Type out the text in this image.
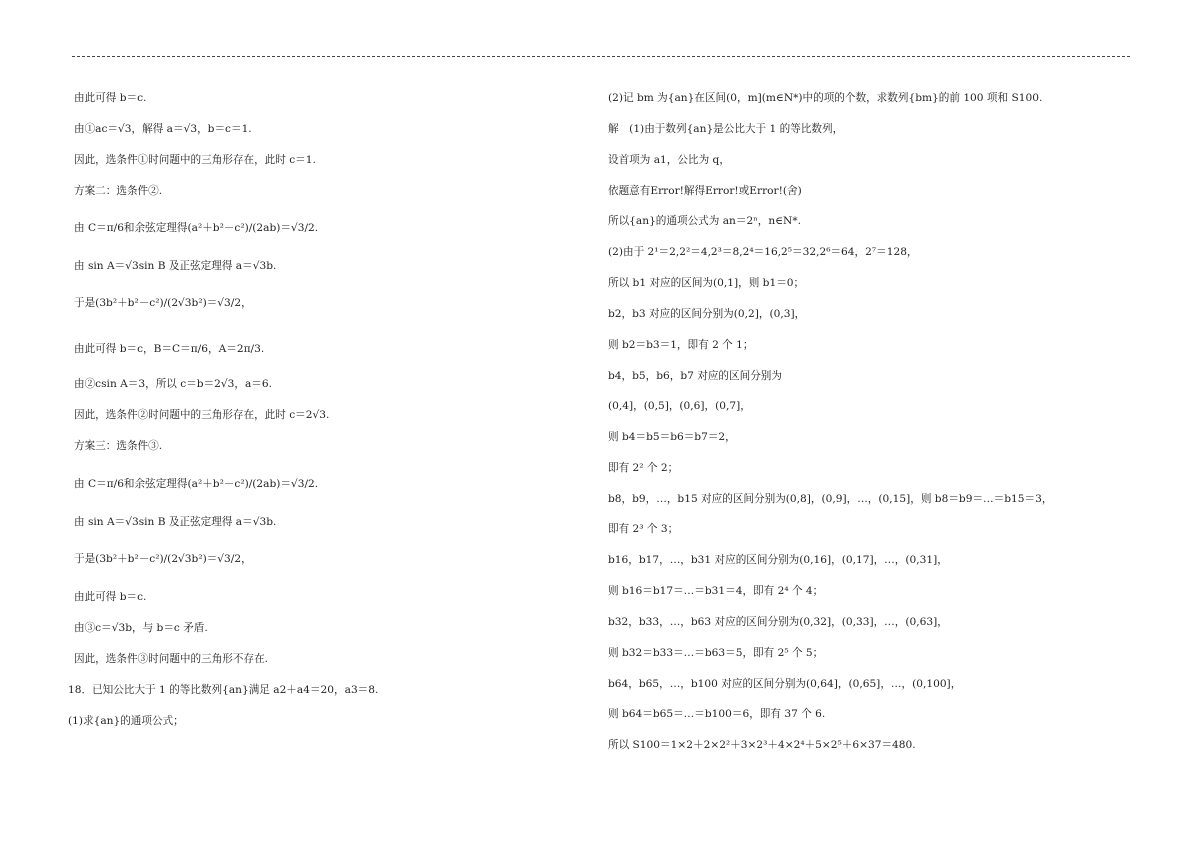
由此可得 b＝c.
由①ac＝√3，解得 a＝√3，b＝c＝1.
因此，选条件①时问题中的三角形存在，此时 c＝1.
方案二：选条件②.
由 C＝π/6和余弦定理得(a²＋b²－c²)/(2ab)＝√3/2.
由 sin A＝√3sin B 及正弦定理得 a＝√3b.
于是(3b²＋b²－c²)/(2√3b²)＝√3/2，
由此可得 b＝c，B＝C＝π/6，A＝2π/3.
由②csin A＝3，所以 c＝b＝2√3，a＝6.
因此，选条件②时问题中的三角形存在，此时 c＝2√3.
方案三：选条件③.
由 C＝π/6和余弦定理得(a²＋b²－c²)/(2ab)＝√3/2.
由 sin A＝√3sin B 及正弦定理得 a＝√3b.
于是(3b²＋b²－c²)/(2√3b²)＝√3/2，
由此可得 b＝c.
由③c＝√3b，与 b＝c 矛盾.
因此，选条件③时问题中的三角形不存在.
18．已知公比大于 1 的等比数列{an}满足 a2＋a4＝20，a3＝8.
(1)求{an}的通项公式；
(2)记 bm 为{an}在区间(0，m](m∈N*)中的项的个数，求数列{bm}的前 100 项和 S100.
解　(1)由于数列{an}是公比大于 1 的等比数列，
设首项为 a1，公比为 q，
依题意有Error!解得Error!或Error!(舍)
所以{an}的通项公式为 an＝2ⁿ，n∈N*.
(2)由于 2¹＝2,2²＝4,2³＝8,2⁴＝16,2⁵＝32,2⁶＝64，2⁷＝128，
所以 b1 对应的区间为(0,1]，则 b1＝0；
b2，b3 对应的区间分别为(0,2]，(0,3]，
则 b2＝b3＝1，即有 2 个 1；
b4，b5，b6，b7 对应的区间分别为
(0,4]，(0,5]，(0,6]，(0,7]，
则 b4＝b5＝b6＝b7＝2，
即有 2² 个 2；
b8，b9，…，b15 对应的区间分别为(0,8]，(0,9]，…，(0,15]，则 b8＝b9＝…＝b15＝3，
即有 2³ 个 3；
b16，b17，…，b31 对应的区间分别为(0,16]，(0,17]，…，(0,31]，
则 b16＝b17＝…＝b31＝4，即有 2⁴ 个 4；
b32，b33，…，b63 对应的区间分别为(0,32]，(0,33]，…，(0,63]，
则 b32＝b33＝…＝b63＝5，即有 2⁵ 个 5；
b64，b65，…，b100 对应的区间分别为(0,64]，(0,65]，…，(0,100]，
则 b64＝b65＝…＝b100＝6，即有 37 个 6.
所以 S100＝1×2＋2×2²＋3×2³＋4×2⁴＋5×2⁵＋6×37＝480.
